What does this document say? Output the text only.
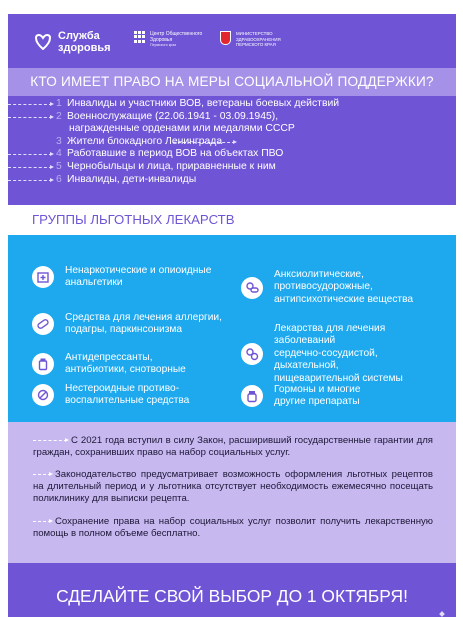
Служба
здоровья
Центр Общественного Здоровья
Пермского края
МИНИСТЕРСТВО ЗДРАВООХРАНЕНИЯ ПЕРМСКОГО КРАЯ
КТО ИМЕЕТ ПРАВО НА МЕРЫ СОЦИАЛЬНОЙ ПОДДЕРЖКИ?
1 Инвалиды и участники ВОВ, ветераны боевых действий
2 Военнослужащие (22.06.1941 - 03.09.1945),
награжденные орденами или медалями СССР
3 Жители блокадного Ленинграда
4 Работавшие в период ВОВ на объектах ПВО
5 Чернобыльцы и лица, приравненные к ним
6 Инвалиды, дети-инвалиды
ГРУППЫ ЛЬГОТНЫХ ЛЕКАРСТВ
Ненаркотические и опиоидные
анальгетики
Анксиолитические,
противосудорожные,
антипсихотические вещества
Средства для лечения аллергии,
подагры, паркинсонизма	Лекарства для лечения
заболеваний
сердечно-сосудистой,
дыхательной,
пищеварительной системы
Антидепрессанты,
антибиотики, снотворные
Нестероидные противо-
воспалительные средства
Гормоны и многие
другие препараты
С 2021 года вступил в силу Закон, расширивший государственные гарантии для граждан, сохранивших право на набор социальных услуг.
Законодательство предусматривает возможность оформления льготных рецептов на длительный период и у льготника отсутствует необходимость ежемесячно посещать поликлинику для выписки рецепта.
Сохранение права на набор социальных услуг позволит получить лекарственную помощь в полном объеме бесплатно.
СДЕЛАЙТЕ СВОЙ ВЫБОР ДО 1 ОКТЯБРЯ!
